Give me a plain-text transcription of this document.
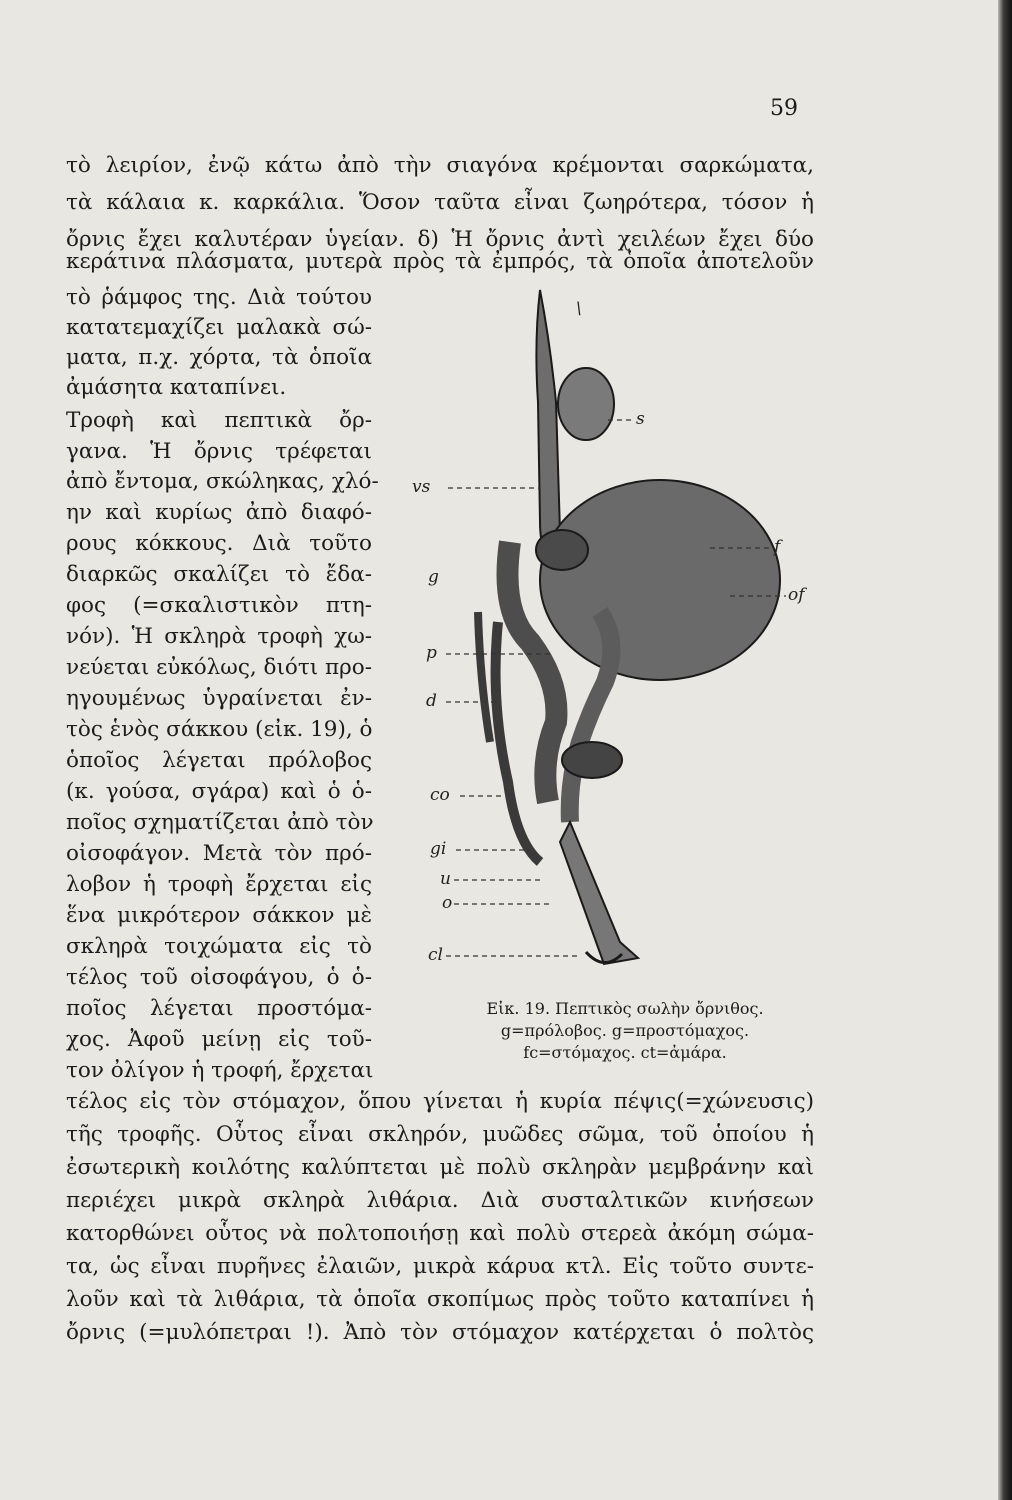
59
τὸ λειρίον, ἐνῷ κάτω ἀπὸ τὴν σιαγόνα κρέμονται σαρκώματα,
τὰ κάλαια κ. καρκάλια. Ὅσον ταῦτα εἶναι ζωηρότερα, τόσον ἡ
ὄρνις ἔχει καλυτέραν ὑγείαν. δ) Ἡ ὄρνις ἀντὶ χειλέων ἔχει δύο
κεράτινα πλάσματα, μυτερὰ πρὸς τὰ ἐμπρός, τὰ ὁποῖα ἀποτελοῦν
τὸ ῥάμφος της. Διὰ τούτου
κατατεμαχίζει μαλακὰ σώ-
ματα, π.χ. χόρτα, τὰ ὁποῖα
ἀμάσητα καταπίνει.
Τροφὴ καὶ πεπτικὰ ὄρ-
γανα. Ἡ ὄρνις τρέφεται
ἀπὸ ἔντομα, σκώληκας, χλό-
ην καὶ κυρίως ἀπὸ διαφό-
ρους κόκκους. Διὰ τοῦτο
διαρκῶς σκαλίζει τὸ ἔδα-
φος (=σκαλιστικὸν πτη-
νόν). Ἡ σκληρὰ τροφὴ χω-
νεύεται εὐκόλως, διότι προ-
ηγουμένως ὑγραίνεται ἐν-
τὸς ἑνὸς σάκκου (εἰκ. 19), ὁ
ὁποῖος λέγεται πρόλοβος
(κ. γούσα, σγάρα) καὶ ὁ ὁ-
ποῖος σχηματίζεται ἀπὸ τὸν
οἰσοφάγον. Μετὰ τὸν πρό-
λοβον ἡ τροφὴ ἔρχεται εἰς
ἕνα μικρότερον σάκκον μὲ
σκληρὰ τοιχώματα εἰς τὸ
τέλος τοῦ οἰσοφάγου, ὁ ὁ-
ποῖος λέγεται προστόμα-
χος. Ἀφοῦ μείνῃ εἰς τοῦ-
τον ὀλίγον ἡ τροφή, ἔρχεται
\
s
vs
f
g
of
p
d
co
gi
u
o
cl
Εἰκ. 19. Πεπτικὸς σωλὴν ὄρνιθος.
g=πρόλοβος. g=προστόμαχος.
fc=στόμαχος. ct=ἀμάρα.
τέλος εἰς τὸν στόμαχον, ὅπου γίνεται ἡ κυρία πέψις(=χώνευσις)
τῆς τροφῆς. Οὗτος εἶναι σκληρόν, μυῶδες σῶμα, τοῦ ὁποίου ἡ
ἐσωτερικὴ κοιλότης καλύπτεται μὲ πολὺ σκληρὰν μεμβράνην καὶ
περιέχει μικρὰ σκληρὰ λιθάρια. Διὰ συσταλτικῶν κινήσεων
κατορθώνει οὗτος νὰ πολτοποιήσῃ καὶ πολὺ στερεὰ ἀκόμη σώμα-
τα, ὡς εἶναι πυρῆνες ἐλαιῶν, μικρὰ κάρυα κτλ. Εἰς τοῦτο συντε-
λοῦν καὶ τὰ λιθάρια, τὰ ὁποῖα σκοπίμως πρὸς τοῦτο καταπίνει ἡ
ὄρνις (=μυλόπετραι !). Ἀπὸ τὸν στόμαχον κατέρχεται ὁ πολτὸς
